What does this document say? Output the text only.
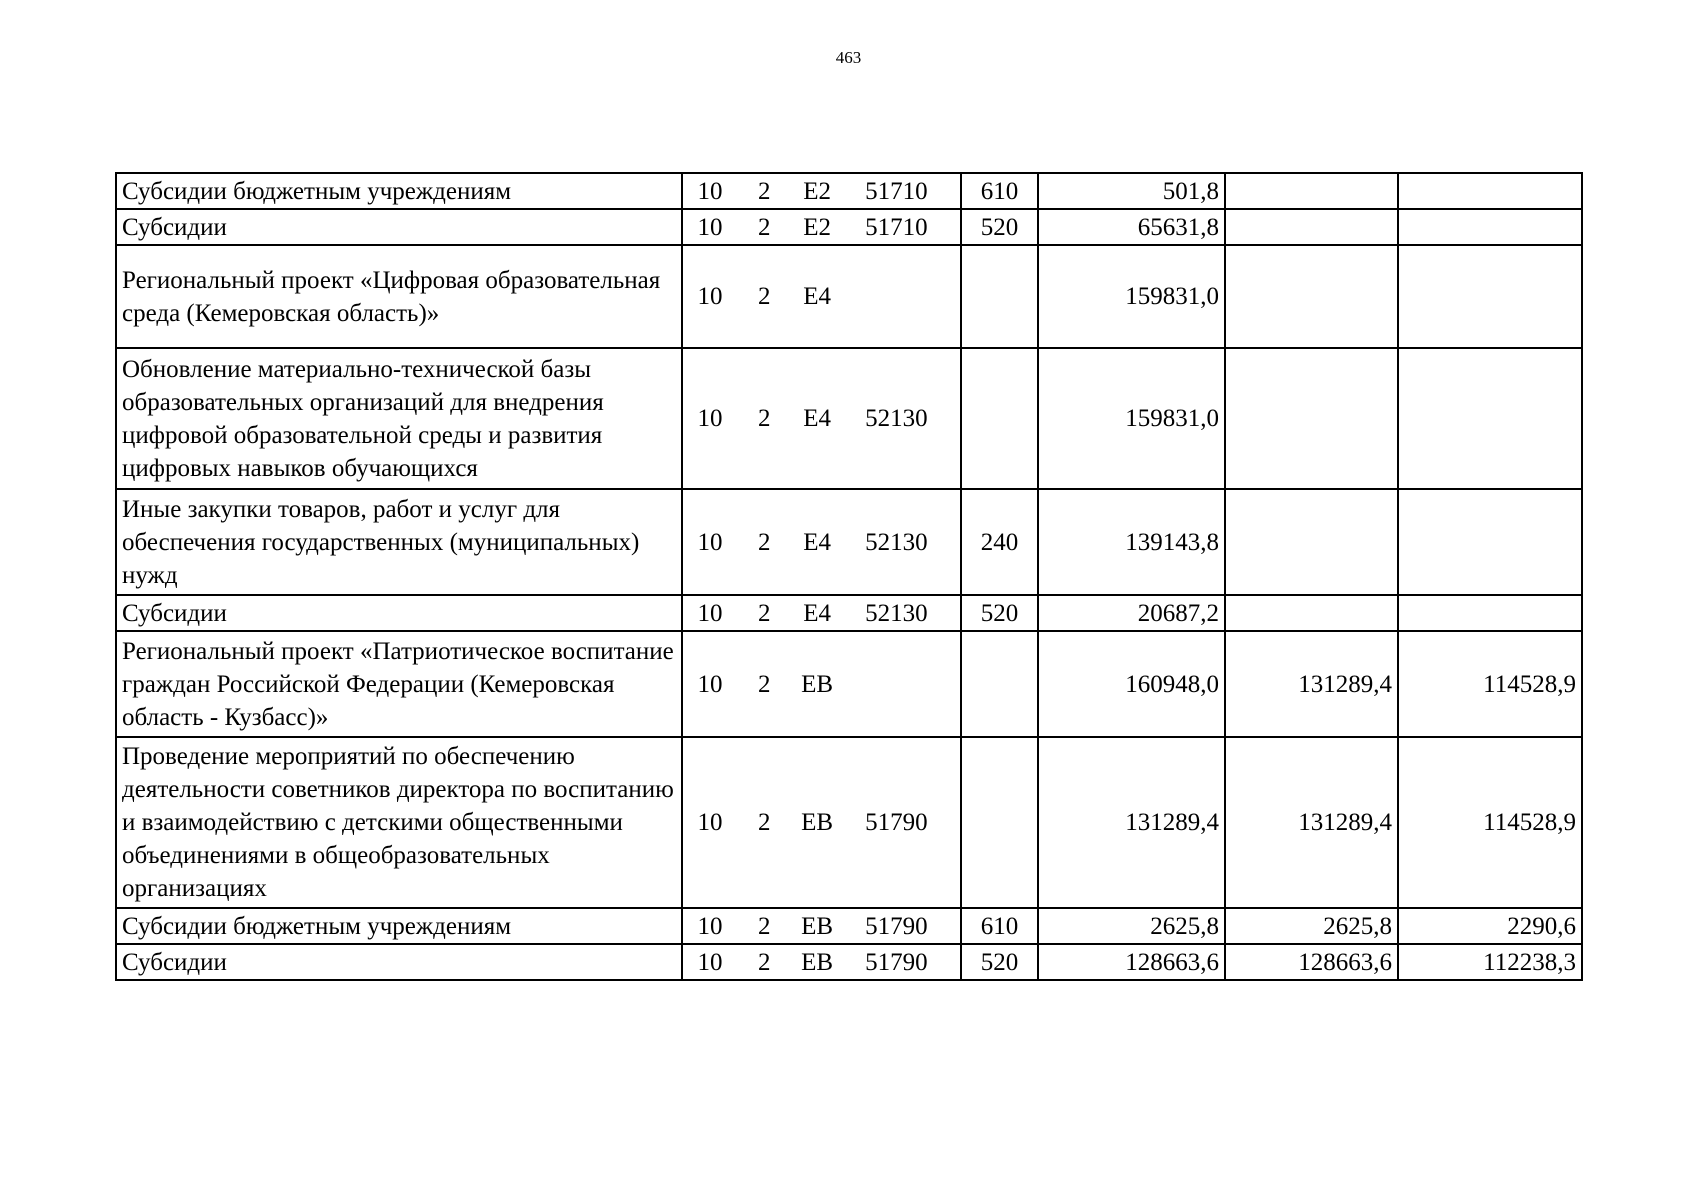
463
Субсидии бюджетным учреждениям	10 2 E2 51710	610	501,8		
Субсидии	10 2 E2 51710	520	65631,8		
Региональный проект «Цифровая образовательная среда (Кемеровская область)»	10 2 E4		159831,0		
Обновление материально-технической базы образовательных организаций для внедрения цифровой образовательной среды и развития цифровых навыков обучающихся	10 2 E4 52130		159831,0		
Иные закупки товаров, работ и услуг для обеспечения государственных (муниципальных) нужд	10 2 E4 52130	240	139143,8		
Субсидии	10 2 E4 52130	520	20687,2		
Региональный проект «Патриотическое воспитание граждан Российской Федерации (Кемеровская область - Кузбасс)»	10 2 EB		160948,0	131289,4	114528,9
Проведение мероприятий по обеспечению деятельности советников директора по воспитанию и взаимодействию с детскими общественными объединениями в общеобразовательных организациях	10 2 EB 51790		131289,4	131289,4	114528,9
Субсидии бюджетным учреждениям	10 2 EB 51790	610	2625,8	2625,8	2290,6
Субсидии	10 2 EB 51790	520	128663,6	128663,6	112238,3
